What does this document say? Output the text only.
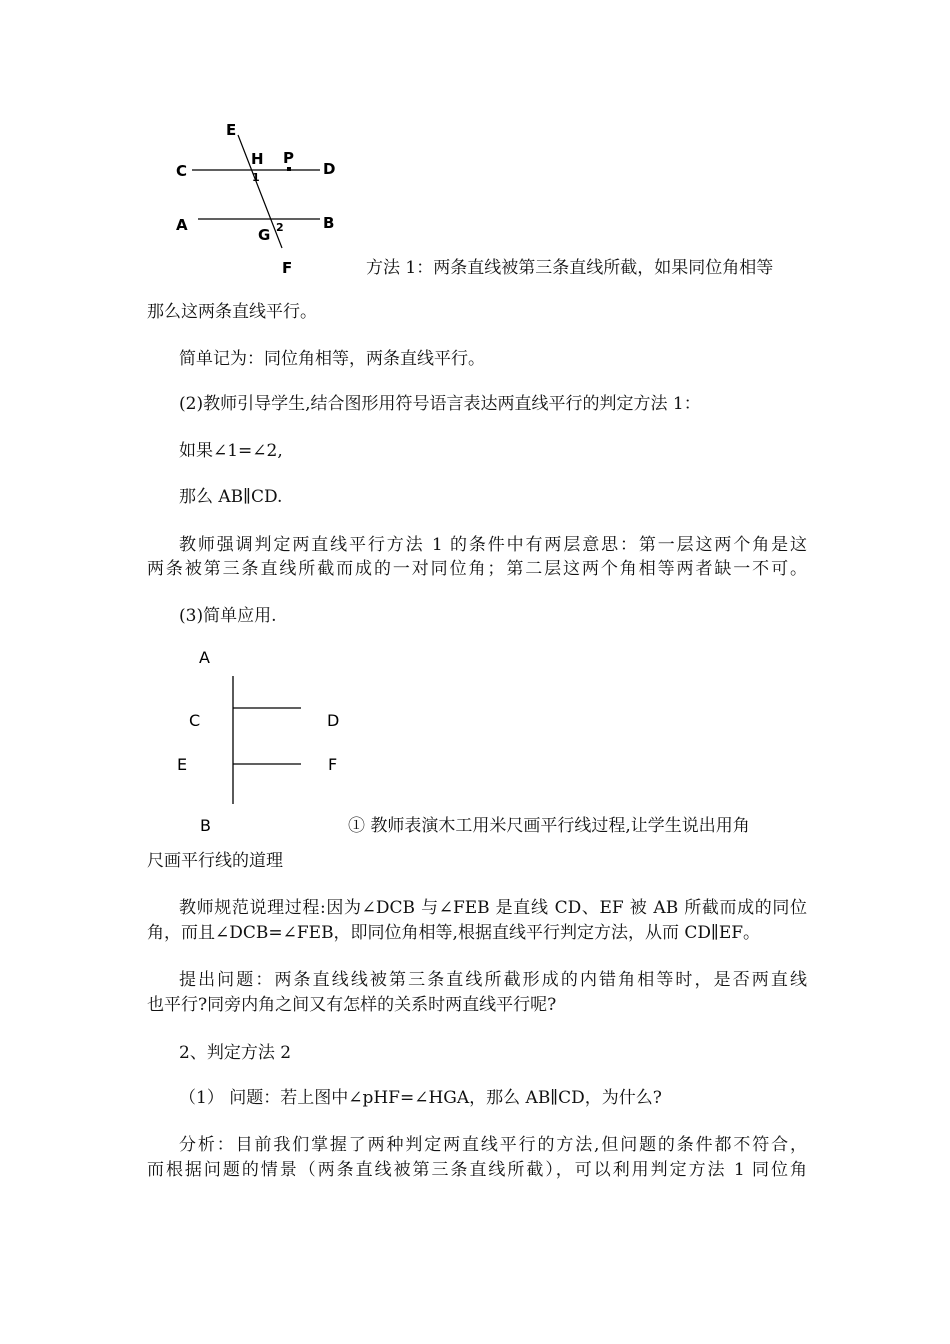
E
C
H P
D
1
A	B
G 2
F	方法 1：两条直线被第三条直线所截，如果同位角相等
那么这两条直线平行。
简单记为：同位角相等，两条直线平行。
(2)教师引导学生,结合图形用符号语言表达两直线平行的判定方法 1：
如果∠1=∠2,
那么 AB∥CD.
教师强调判定两直线平行方法 1 的条件中有两层意思：第一层这两个角是这
两条被第三条直线所截而成的一对同位角；第二层这两个角相等两者缺一不可。
(3)简单应用.
A
C	D
E	F
B	① 教师表演木工用米尺画平行线过程,让学生说出用角
尺画平行线的道理
教师规范说理过程:因为∠DCB 与∠FEB 是直线 CD、EF 被 AB 所截而成的同位
角，而且∠DCB=∠FEB，即同位角相等,根据直线平行判定方法，从而 CD∥EF。
提出问题：两条直线线被第三条直线所截形成的内错角相等时，是否两直线
也平行?同旁内角之间又有怎样的关系时两直线平行呢?
2、判定方法 2
（1） 问题：若上图中∠pHF=∠HGA，那么 AB∥CD，为什么?
分析：目前我们掌握了两种判定两直线平行的方法,但问题的条件都不符合，
而根据问题的情景（两条直线被第三条直线所截），可以利用判定方法 1 同位角
